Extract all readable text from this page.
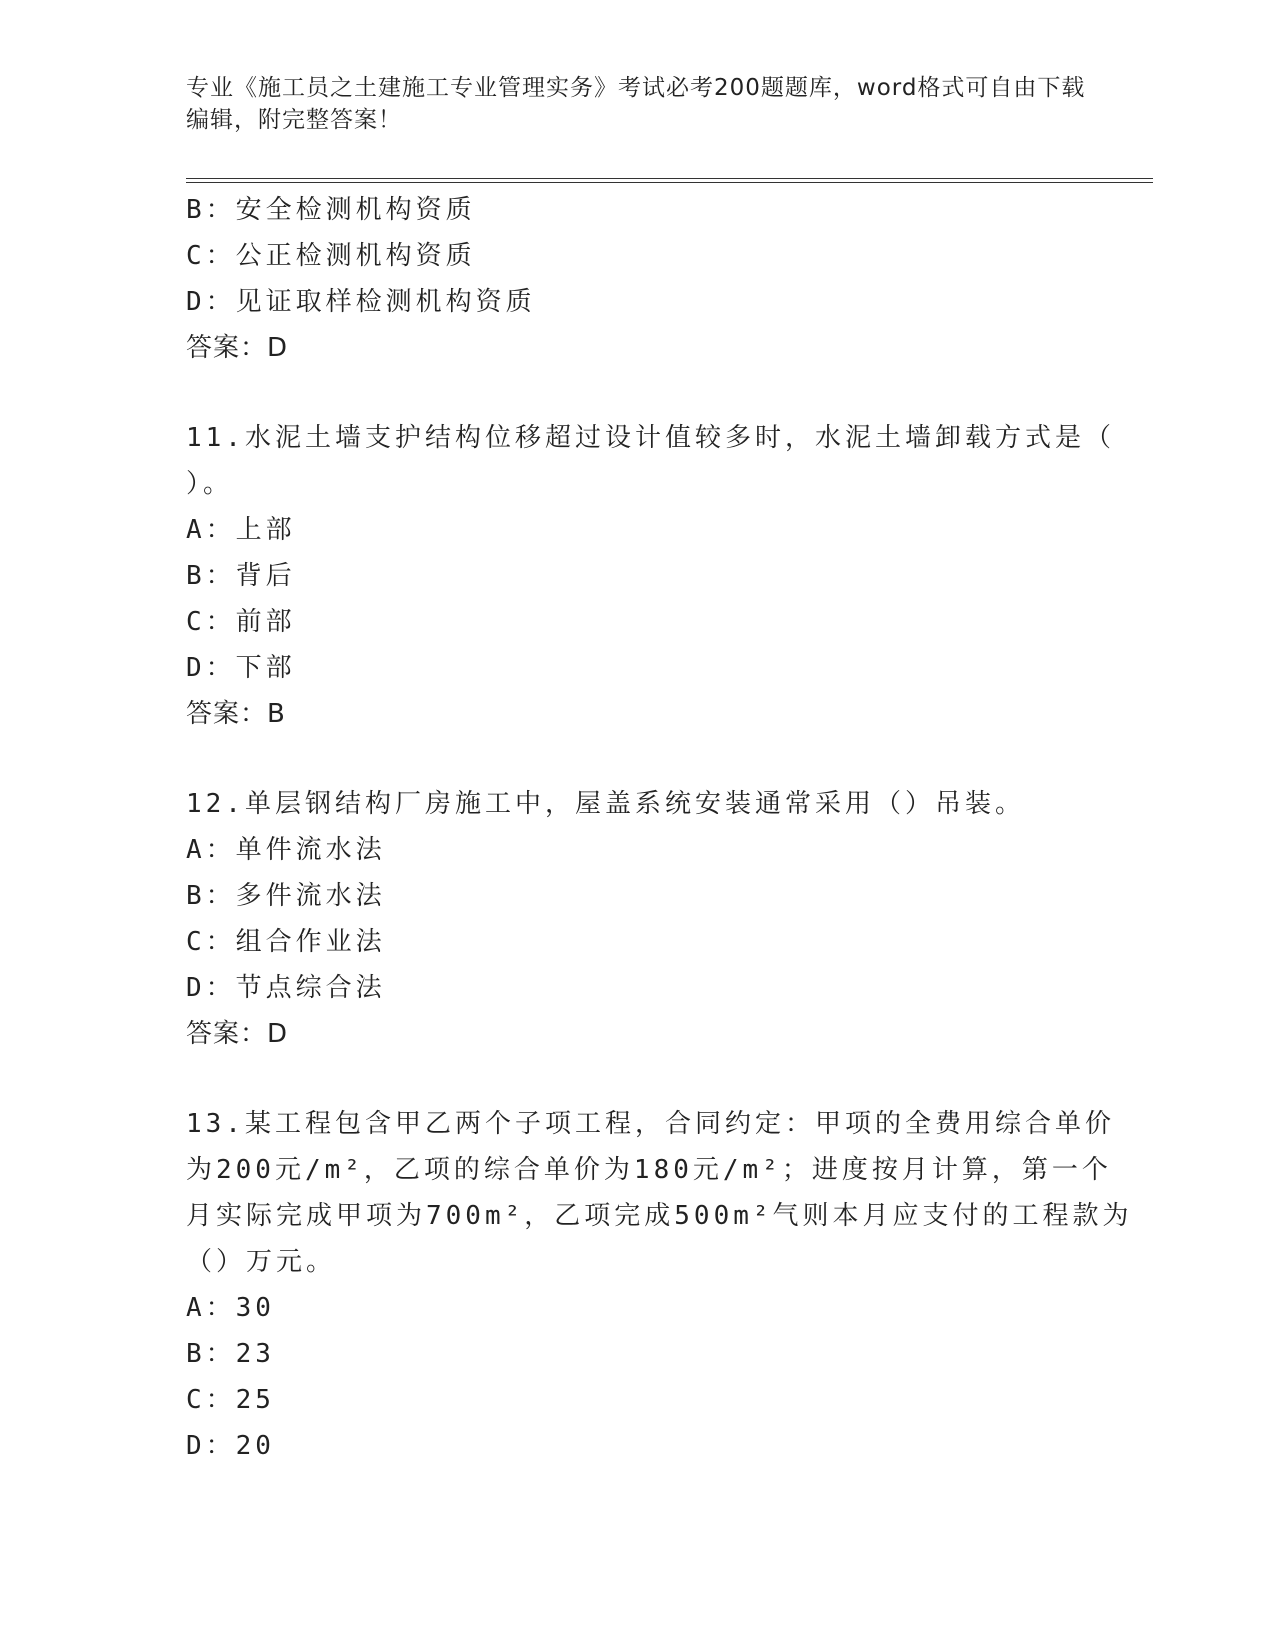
专业《施工员之土建施工专业管理实务》考试必考200题题库，word格式可自由下载编辑，附完整答案！
B：安全检测机构资质
C：公正检测机构资质
D：见证取样检测机构资质
答案：D
11.水泥土墙支护结构位移超过设计值较多时，水泥土墙卸载方式是（
）。
A：上部
B：背后
C：前部
D：下部
答案：B
12.单层钢结构厂房施工中，屋盖系统安装通常采用（）吊装。
A：单件流水法
B：多件流水法
C：组合作业法
D：节点综合法
答案：D
13.某工程包含甲乙两个子项工程，合同约定：甲项的全费用综合单价
为200元/m²，乙项的综合单价为180元/m²；进度按月计算，第一个
月实际完成甲项为700m²，乙项完成500m²气则本月应支付的工程款为
（）万元。
A：30
B：23
C：25
D：20
